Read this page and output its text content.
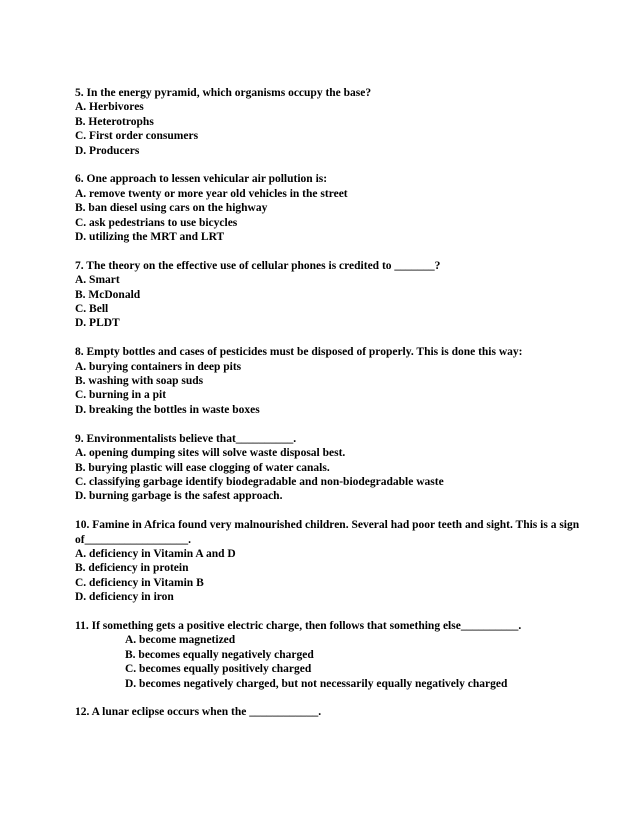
5. In the energy pyramid, which organisms occupy the base?
A. Herbivores
B. Heterotrophs
C. First order consumers
D. Producers
6. One approach to lessen vehicular air pollution is:
A. remove twenty or more year old vehicles in the street
B. ban diesel using cars on the highway
C. ask pedestrians to use bicycles
D. utilizing the MRT and LRT
7. The theory on the effective use of cellular phones is credited to _______?
A. Smart
B. McDonald
C. Bell
D. PLDT
8. Empty bottles and cases of pesticides must be disposed of properly. This is done this way:
A. burying containers in deep pits
B. washing with soap suds
C. burning in a pit
D. breaking the bottles in waste boxes
9. Environmentalists believe that__________.
A. opening dumping sites will solve waste disposal best.
B. burying plastic will ease clogging of water canals.
C. classifying garbage identify biodegradable and non-biodegradable waste
D. burning garbage is the safest approach.
10. Famine in Africa found very malnourished children. Several had poor teeth and sight. This is a sign of__________________.
A. deficiency in Vitamin A and D
B. deficiency in protein
C. deficiency in Vitamin B
D. deficiency in iron
11. If something gets a positive electric charge, then follows that something else__________.
A. become magnetized
B. becomes equally negatively charged
C. becomes equally positively charged
D. becomes negatively charged, but not necessarily equally negatively charged
12. A lunar eclipse occurs when the ____________.
